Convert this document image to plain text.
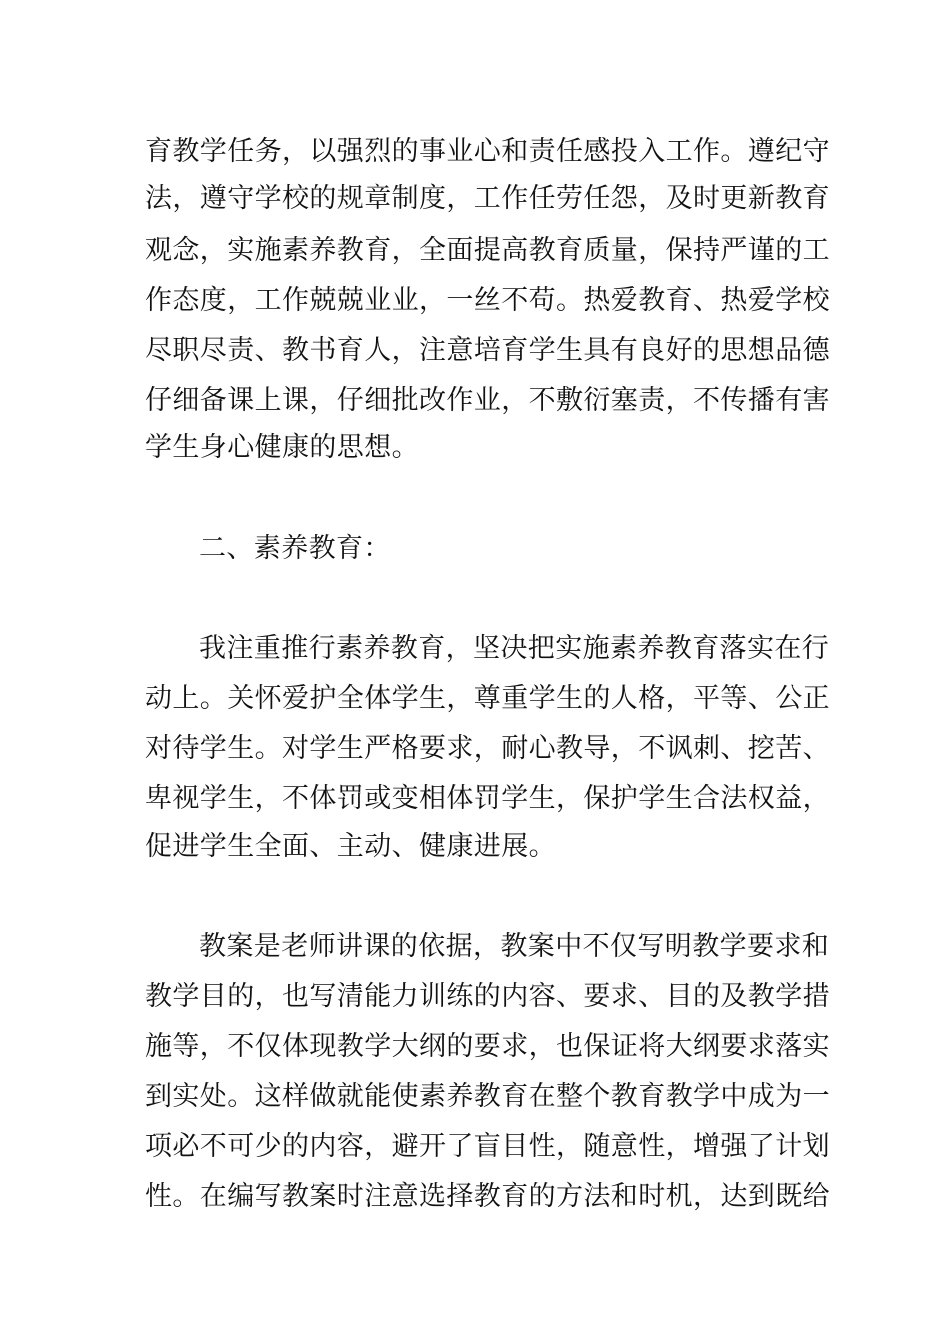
育教学任务，以强烈的事业心和责任感投入工作。遵纪守
法，遵守学校的规章制度，工作任劳任怨，及时更新教育
观念，实施素养教育，全面提高教育质量，保持严谨的工
作态度，工作兢兢业业，一丝不苟。热爱教育、热爱学校
尽职尽责、教书育人，注意培育学生具有良好的思想品德
仔细备课上课，仔细批改作业，不敷衍塞责，不传播有害
学生身心健康的思想。
二、素养教育：
我注重推行素养教育，坚决把实施素养教育落实在行
动上。关怀爱护全体学生，尊重学生的人格，平等、公正
对待学生。对学生严格要求，耐心教导，不讽刺、挖苦、
卑视学生，不体罚或变相体罚学生，保护学生合法权益，
促进学生全面、主动、健康进展。
教案是老师讲课的依据，教案中不仅写明教学要求和
教学目的，也写清能力训练的内容、要求、目的及教学措
施等，不仅体现教学大纲的要求，也保证将大纲要求落实
到实处。这样做就能使素养教育在整个教育教学中成为一
项必不可少的内容，避开了盲目性，随意性，增强了计划
性。在编写教案时注意选择教育的方法和时机，达到既给
